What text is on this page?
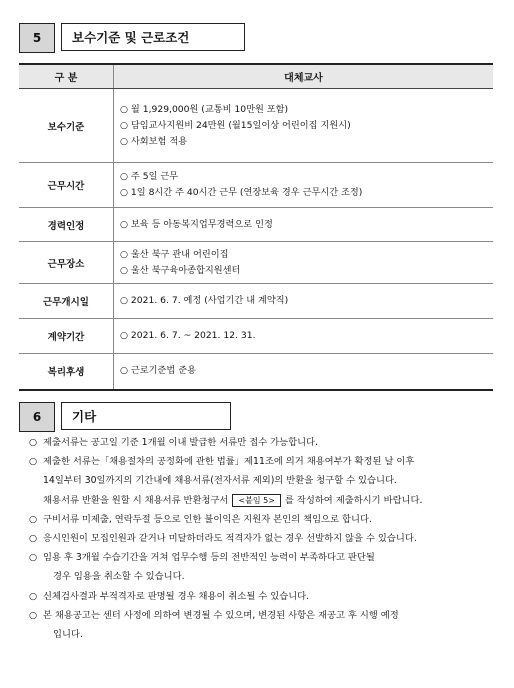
5	보수기준 및 근로조건
구 분	대체교사
보수기준	○ 월 1,929,000원 (교통비 10만원 포함)
○ 담임교사지원비 24만원 (월15일이상 어린이집 지원시)
○ 사회보험 적용

근무시간	○ 주 5일 근무
○ 1일 8시간 주 40시간 근무 (연장보육 경우 근무시간 조정)

경력인정	○ 보육 등 아동복지업무경력으로 인정

근무장소	○ 울산 북구 관내 어린이집
○ 울산 북구육아종합지원센터

근무개시일	○ 2021. 6. 7. 예정 (사업기간 내 계약직)

계약기간	○ 2021. 6. 7. ~ 2021. 12. 31.

복리후생	○ 근로기준법 준용
6	기타
○ 제출서류는 공고일 기준 1개월 이내 발급한 서류만 접수 가능합니다.

○ 제출한 서류는「채용절차의 공정화에 관한 법률」제11조에 의거 채용여부가 확정된 날 이후

14일부터 30일까지의 기간내에 채용서류(전자서류 제외)의 반환을 청구할 수 있습니다.

채용서류 반환을 원할 시 채용서류 반환청구서 <붙임 5> 를 작성하여 제출하시기 바랍니다.

○ 구비서류 미제출, 연락두절 등으로 인한 불이익은 지원자 본인의 책임으로 합니다.

○ 응시인원이 모집인원과 같거나 미달하더라도 적격자가 없는 경우 선발하지 않을 수 있습니다.

○ 임용 후 3개월 수습기간을 거쳐 업무수행 등의 전반적인 능력이 부족하다고 판단될

경우 임용을 취소할 수 있습니다.

○ 신체검사결과 부적격자로 판명될 경우 채용이 취소될 수 있습니다.

○ 본 채용공고는 센터 사정에 의하여 변경될 수 있으며, 변경된 사항은 재공고 후 시행 예정

입니다.
